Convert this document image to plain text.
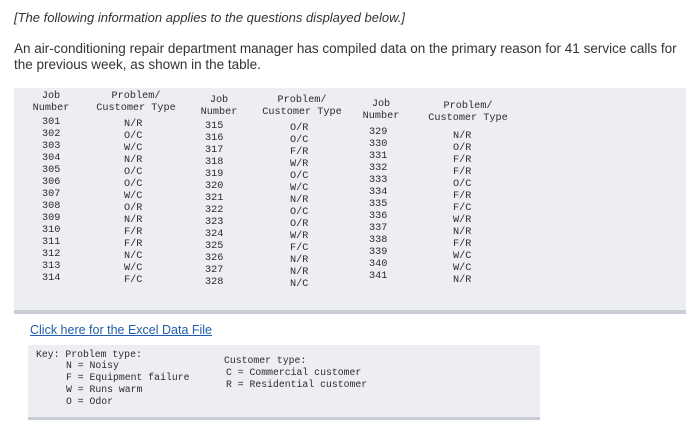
[The following information applies to the questions displayed below.]
An air-conditioning repair department manager has compiled data on the primary reason for 41 service calls for the previous week, as shown in the table.
Job
Number
Problem/
Customer Type
Job
Number
Problem/
Customer Type
Job
Number
Problem/
Customer Type
301
302
303
304
305
306
307
308
309
310
311
312
313
314
N/R
O/C
W/C
N/R
O/C
O/C
W/C
O/R
N/R
F/R
F/R
N/C
W/C
F/C
315
316
317
318
319
320
321
322
323
324
325
326
327
328
O/R
O/C
F/R
W/R
O/C
W/C
N/R
O/C
O/R
W/R
F/C
N/R
N/R
N/C
329
330
331
332
333
334
335
336
337
338
339
340
341
N/R
O/R
F/R
F/R
O/C
F/R
F/C
W/R
N/R
F/R
W/C
W/C
N/R
Click here for the Excel Data File
Key: Problem type:
N = Noisy
F = Equipment failure
W = Runs warm
O = Odor
Customer type:
C = Commercial customer
R = Residential customer
